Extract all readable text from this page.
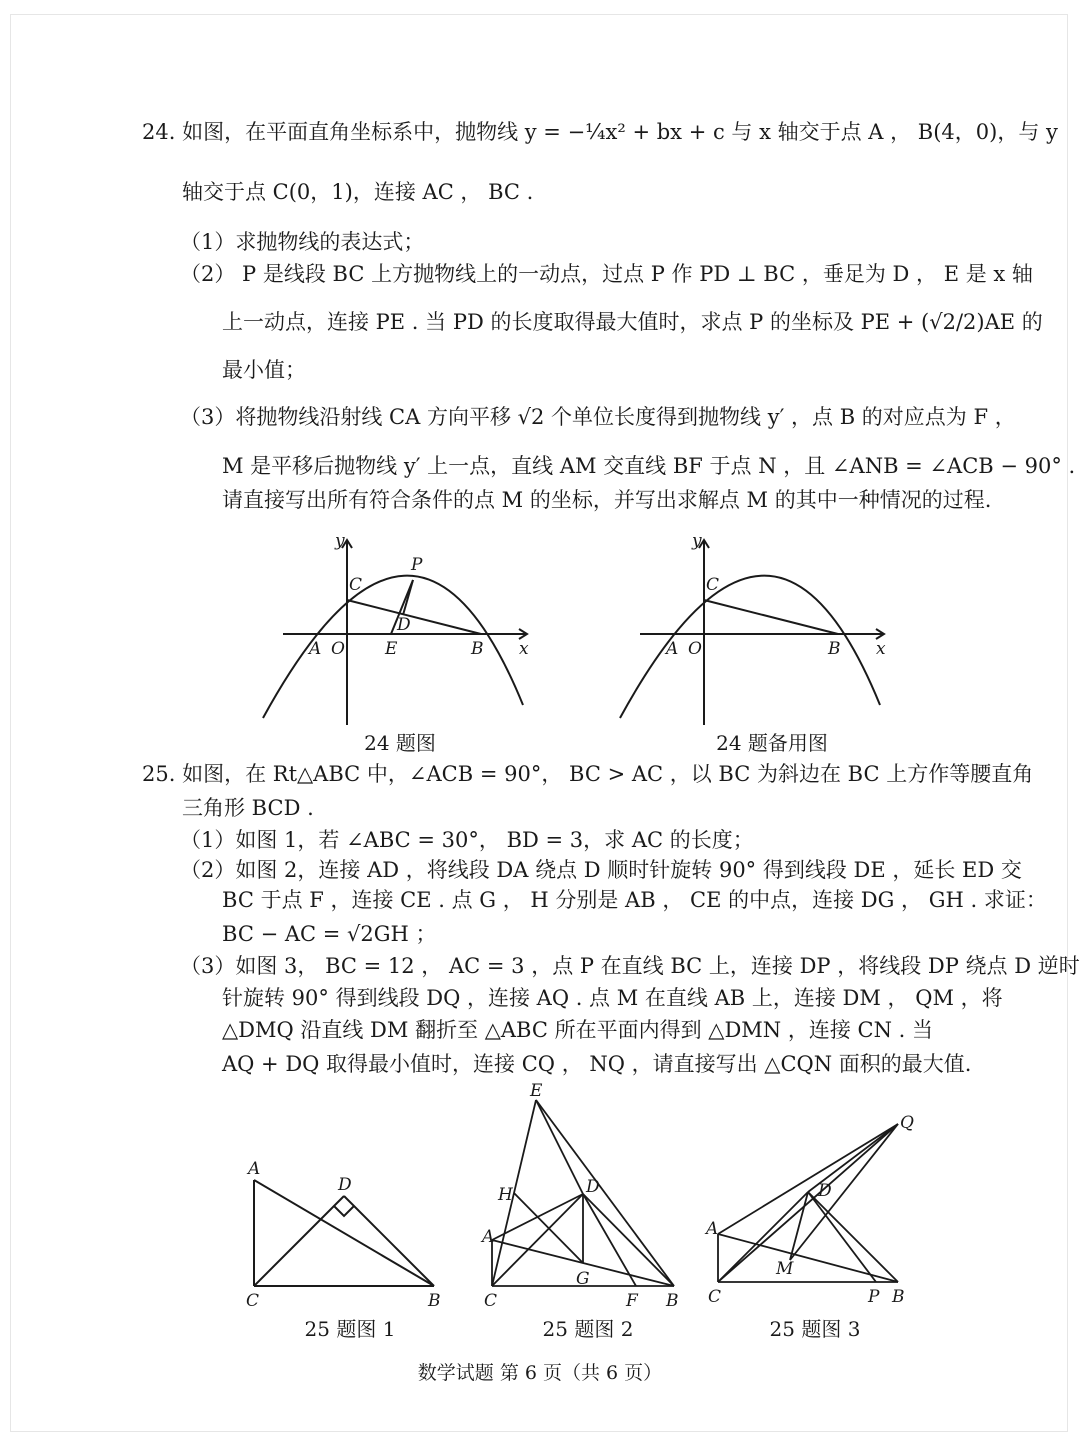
24. 如图，在平面直角坐标系中，抛物线 y = −¼x² + bx + c 与 x 轴交于点 A ， B(4，0)，与 y
轴交于点 C(0，1)，连接 AC ， BC .
（1）求抛物线的表达式；
（2） P 是线段 BC 上方抛物线上的一动点，过点 P 作 PD ⊥ BC ，垂足为 D ， E 是 x 轴
上一动点，连接 PE . 当 PD 的长度取得最大值时，求点 P 的坐标及 PE + (√2/2)AE 的
最小值；
（3）将抛物线沿射线 CA 方向平移 √2 个单位长度得到抛物线 y′ ，点 B 的对应点为 F ，
M 是平移后抛物线 y′ 上一点，直线 AM 交直线 BF 于点 N ，且 ∠ANB = ∠ACB − 90° .
请直接写出所有符合条件的点 M 的坐标，并写出求解点 M 的其中一种情况的过程.
y
x
A O
C
P
D
E	B
24 题图
y
x
A O
C
B
24 题备用图
25. 如图，在 Rt△ABC 中，∠ACB = 90°， BC > AC ，以 BC 为斜边在 BC 上方作等腰直角
三角形 BCD .
（1）如图 1，若 ∠ABC = 30°， BD = 3，求 AC 的长度；
（2）如图 2，连接 AD ，将线段 DA 绕点 D 顺时针旋转 90° 得到线段 DE ，延长 ED 交
BC 于点 F ，连接 CE . 点 G ， H 分别是 AB ， CE 的中点，连接 DG ， GH . 求证：
BC − AC = √2GH ；
（3）如图 3， BC = 12 ， AC = 3 ，点 P 在直线 BC 上，连接 DP ，将线段 DP 绕点 D 逆时
针旋转 90° 得到线段 DQ ，连接 AQ . 点 M 在直线 AB 上，连接 DM ， QM ，将
△DMQ 沿直线 DM 翻折至 △ABC 所在平面内得到 △DMN ，连接 CN . 当
AQ + DQ 取得最小值时，连接 CQ ， NQ ，请直接写出 △CQN 面积的最大值.
A
D
C	B
25 题图 1
E
H	D
A
G
C	F B
25 题图 2
Q
D
A
M
C	P B
25 题图 3
数学试题 第 6 页（共 6 页）
